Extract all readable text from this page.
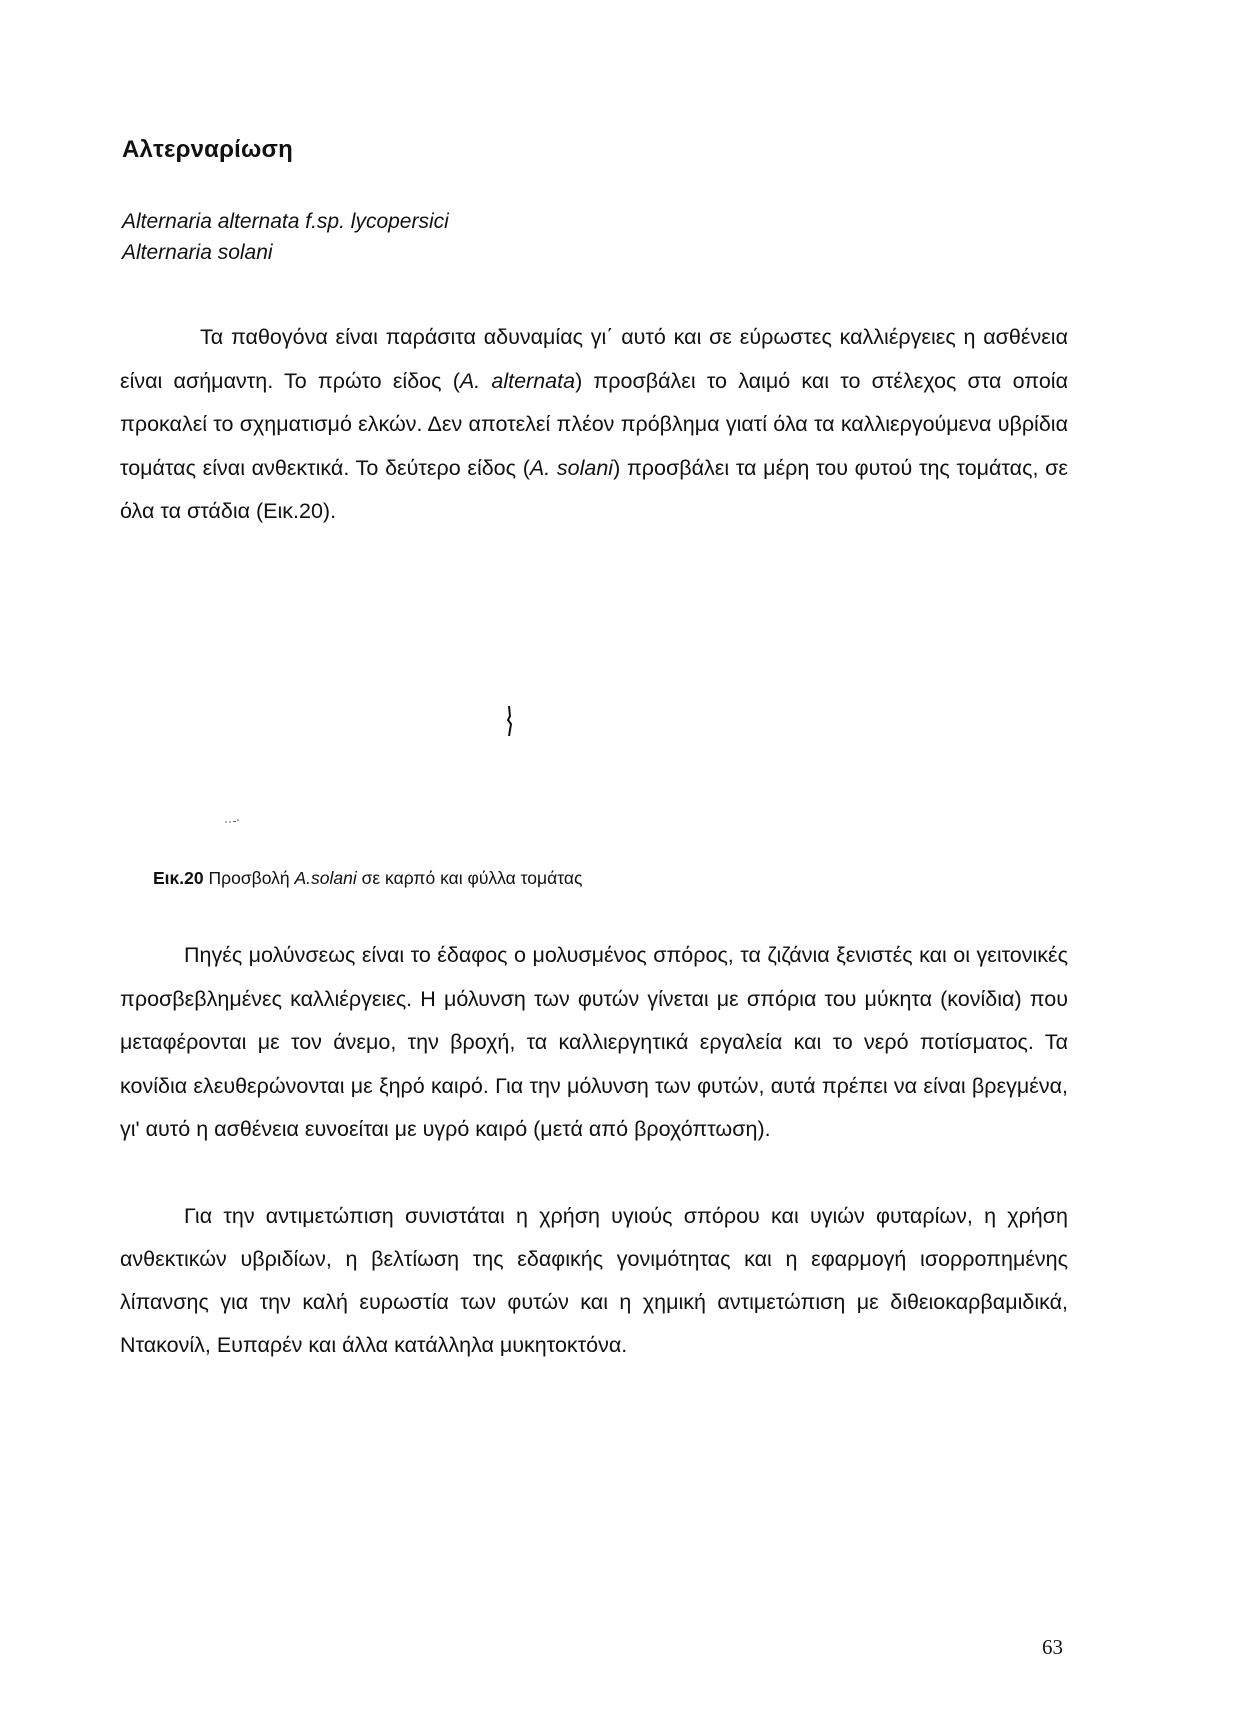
Αλτερναρίωση
Alternaria alternata f.sp. lycopersici
Alternaria solani

Τα παθογόνα είναι παράσιτα αδυναμίας γι΄ αυτό και σε εύρωστες καλλιέργειες η ασθένεια είναι ασήμαντη. Το πρώτο είδος (A. alternata) προσβάλει το λαιμό και το στέλεχος στα οποία προκαλεί το σχηματισμό ελκών. Δεν αποτελεί πλέον πρόβλημα γιατί όλα τα καλλιεργούμενα υβρίδια τομάτας είναι ανθεκτικά. Το δεύτερο είδος (A. solani) προσβάλει τα μέρη του φυτού της τομάτας, σε όλα τα στάδια (Εικ.20).

Εικ.20 Προσβολή A.solani σε καρπό και φύλλα τομάτας

Πηγές μολύνσεως είναι το έδαφος ο μολυσμένος σπόρος, τα ζιζάνια ξενιστές και οι γειτονικές προσβεβλημένες καλλιέργειες. Η μόλυνση των φυτών γίνεται με σπόρια του μύκητα (κονίδια) που μεταφέρονται με τον άνεμο, την βροχή, τα καλλιεργητικά εργαλεία και το νερό ποτίσματος. Τα κονίδια ελευθερώνονται με ξηρό καιρό. Για την μόλυνση των φυτών, αυτά πρέπει να είναι βρεγμένα, γι' αυτό η ασθένεια ευνοείται με υγρό καιρό (μετά από βροχόπτωση).

Για την αντιμετώπιση συνιστάται η χρήση υγιούς σπόρου και υγιών φυταρίων, η χρήση ανθεκτικών υβριδίων, η βελτίωση της εδαφικής γονιμότητας και η εφαρμογή ισορροπημένης λίπανσης για την καλή ευρωστία των φυτών και η χημική αντιμετώπιση με διθειοκαρβαμιδικά, Ντακονίλ, Ευπαρέν και άλλα κατάλληλα μυκητοκτόνα.

63
